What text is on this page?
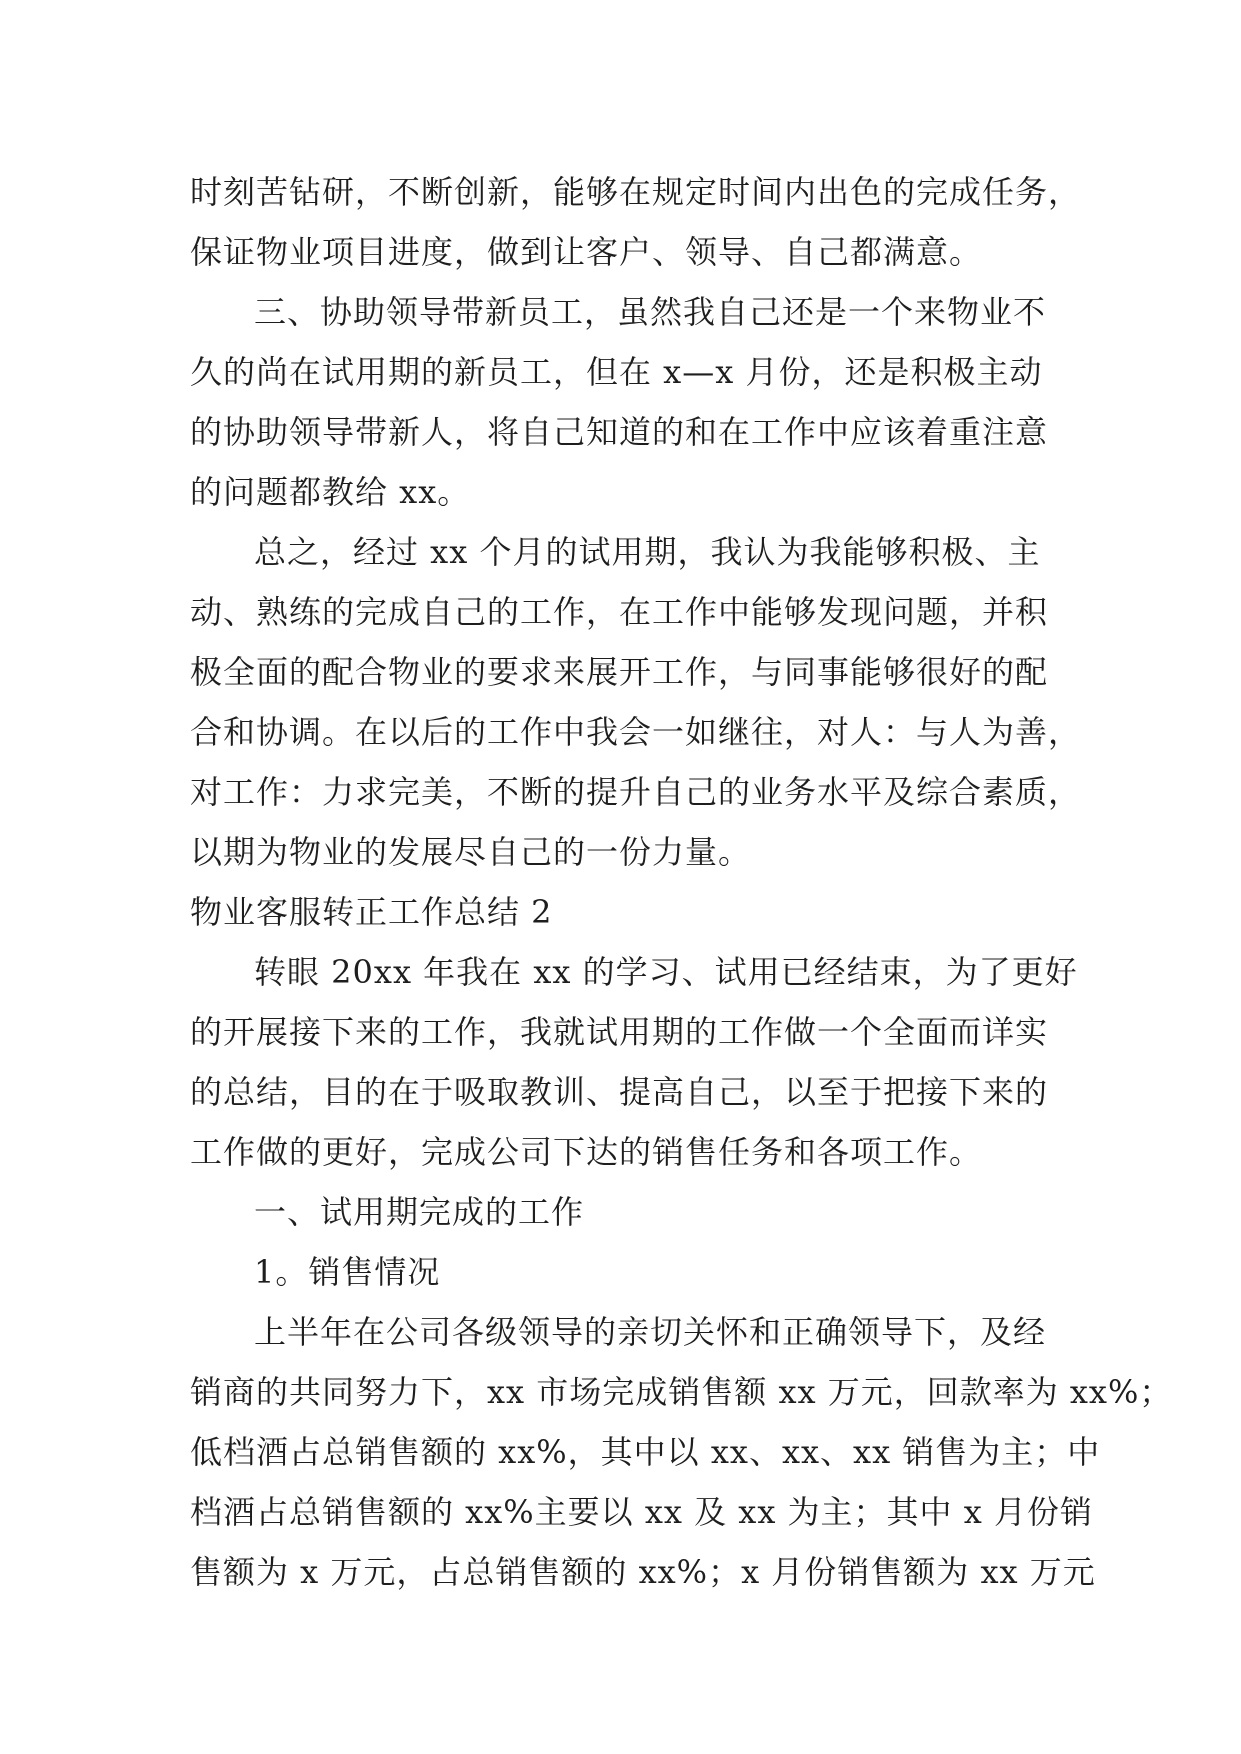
时刻苦钻研，不断创新，能够在规定时间内出色的完成任务，
保证物业项目进度，做到让客户、领导、自己都满意。
三、协助领导带新员工，虽然我自己还是一个来物业不
久的尚在试用期的新员工，但在 x—x 月份，还是积极主动
的协助领导带新人，将自己知道的和在工作中应该着重注意
的问题都教给 xx。
总之，经过 xx 个月的试用期，我认为我能够积极、主
动、熟练的完成自己的工作，在工作中能够发现问题，并积
极全面的配合物业的要求来展开工作，与同事能够很好的配
合和协调。在以后的工作中我会一如继往，对人：与人为善，
对工作：力求完美，不断的提升自己的业务水平及综合素质，
以期为物业的发展尽自己的一份力量。
物业客服转正工作总结 2
转眼 20xx 年我在 xx 的学习、试用已经结束，为了更好
的开展接下来的工作，我就试用期的工作做一个全面而详实
的总结，目的在于吸取教训、提高自己，以至于把接下来的
工作做的更好，完成公司下达的销售任务和各项工作。
一、试用期完成的工作
1。销售情况
上半年在公司各级领导的亲切关怀和正确领导下，及经
销商的共同努力下，xx 市场完成销售额 xx 万元，回款率为 xx%；
低档酒占总销售额的 xx%，其中以 xx、xx、xx 销售为主；中
档酒占总销售额的 xx%主要以 xx 及 xx 为主；其中 x 月份销
售额为 x 万元，占总销售额的 xx%；x 月份销售额为 xx 万元
